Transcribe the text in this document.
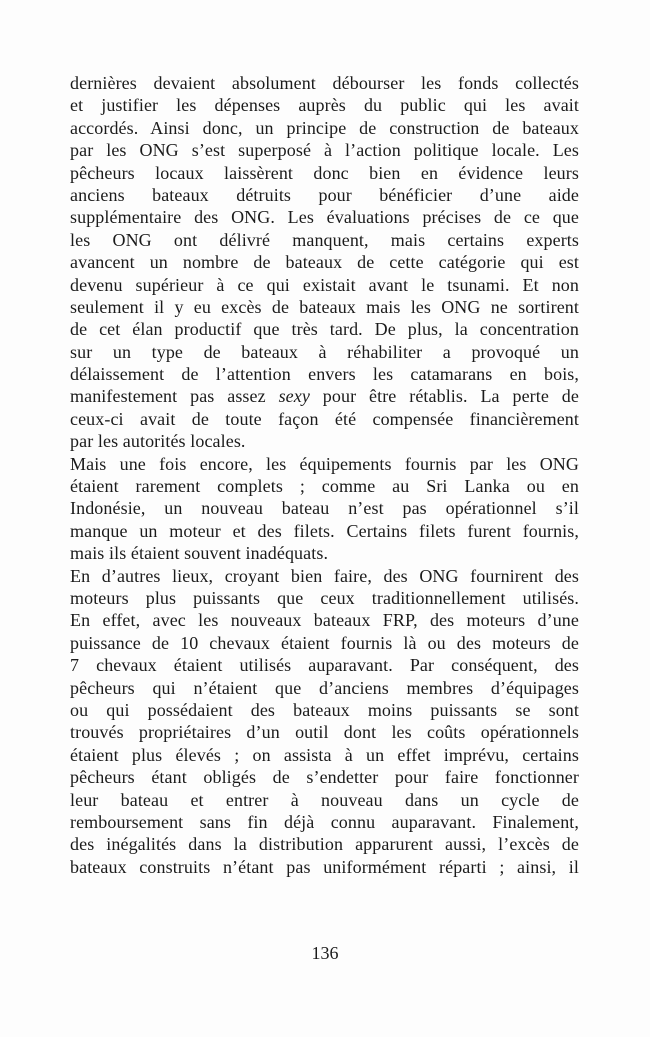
dernières devaient absolument débourser les fonds collectés
et justifier les dépenses auprès du public qui les avait
accordés. Ainsi donc, un principe de construction de bateaux
par les ONG s’est superposé à l’action politique locale. Les
pêcheurs locaux laissèrent donc bien en évidence leurs
anciens bateaux détruits pour bénéficier d’une aide
supplémentaire des ONG. Les évaluations précises de ce que
les ONG ont délivré manquent, mais certains experts
avancent un nombre de bateaux de cette catégorie qui est
devenu supérieur à ce qui existait avant le tsunami. Et non
seulement il y eu excès de bateaux mais les ONG ne sortirent
de cet élan productif que très tard. De plus, la concentration
sur un type de bateaux à réhabiliter a provoqué un
délaissement de l’attention envers les catamarans en bois,
manifestement pas assez sexy pour être rétablis. La perte de
ceux-ci avait de toute façon été compensée financièrement
par les autorités locales.
Mais une fois encore, les équipements fournis par les ONG
étaient rarement complets ; comme au Sri Lanka ou en
Indonésie, un nouveau bateau n’est pas opérationnel s’il
manque un moteur et des filets. Certains filets furent fournis,
mais ils étaient souvent inadéquats.
En d’autres lieux, croyant bien faire, des ONG fournirent des
moteurs plus puissants que ceux traditionnellement utilisés.
En effet, avec les nouveaux bateaux FRP, des moteurs d’une
puissance de 10 chevaux étaient fournis là ou des moteurs de
7 chevaux étaient utilisés auparavant. Par conséquent, des
pêcheurs qui n’étaient que d’anciens membres d’équipages
ou qui possédaient des bateaux moins puissants se sont
trouvés propriétaires d’un outil dont les coûts opérationnels
étaient plus élevés ; on assista à un effet imprévu, certains
pêcheurs étant obligés de s’endetter pour faire fonctionner
leur bateau et entrer à nouveau dans un cycle de
remboursement sans fin déjà connu auparavant. Finalement,
des inégalités dans la distribution apparurent aussi, l’excès de
bateaux construits n’étant pas uniformément réparti ; ainsi, il
136
